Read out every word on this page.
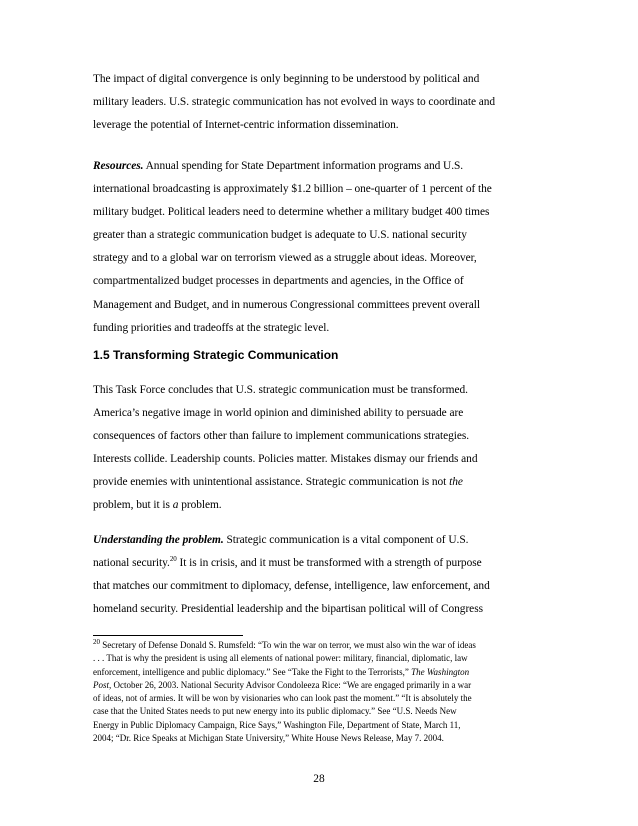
The impact of digital convergence is only beginning to be understood by political and
military leaders. U.S. strategic communication has not evolved in ways to coordinate and
leverage the potential of Internet-centric information dissemination.

Resources. Annual spending for State Department information programs and U.S.
international broadcasting is approximately $1.2 billion – one-quarter of 1 percent of the
military budget. Political leaders need to determine whether a military budget 400 times
greater than a strategic communication budget is adequate to U.S. national security
strategy and to a global war on terrorism viewed as a struggle about ideas. Moreover,
compartmentalized budget processes in departments and agencies, in the Office of
Management and Budget, and in numerous Congressional committees prevent overall
funding priorities and tradeoffs at the strategic level.

1.5 Transforming Strategic Communication

This Task Force concludes that U.S. strategic communication must be transformed.
America’s negative image in world opinion and diminished ability to persuade are
consequences of factors other than failure to implement communications strategies.
Interests collide. Leadership counts. Policies matter. Mistakes dismay our friends and
provide enemies with unintentional assistance. Strategic communication is not the
problem, but it is a problem.

Understanding the problem. Strategic communication is a vital component of U.S.
national security.$^{20}$ It is in crisis, and it must be transformed with a strength of purpose
that matches our commitment to diplomacy, defense, intelligence, law enforcement, and
homeland security. Presidential leadership and the bipartisan political will of Congress

$^{20}$ Secretary of Defense Donald S. Rumsfeld: “To win the war on terror, we must also win the war of ideas
. . . That is why the president is using all elements of national power: military, financial, diplomatic, law
enforcement, intelligence and public diplomacy.” See “Take the Fight to the Terrorists,” The Washington
Post, October 26, 2003. National Security Advisor Condoleeza Rice: “We are engaged primarily in a war
of ideas, not of armies. It will be won by visionaries who can look past the moment.” “It is absolutely the
case that the United States needs to put new energy into its public diplomacy.” See “U.S. Needs New
Energy in Public Diplomacy Campaign, Rice Says,” Washington File, Department of State, March 11,
2004; “Dr. Rice Speaks at Michigan State University,” White House News Release, May 7. 2004.

28
